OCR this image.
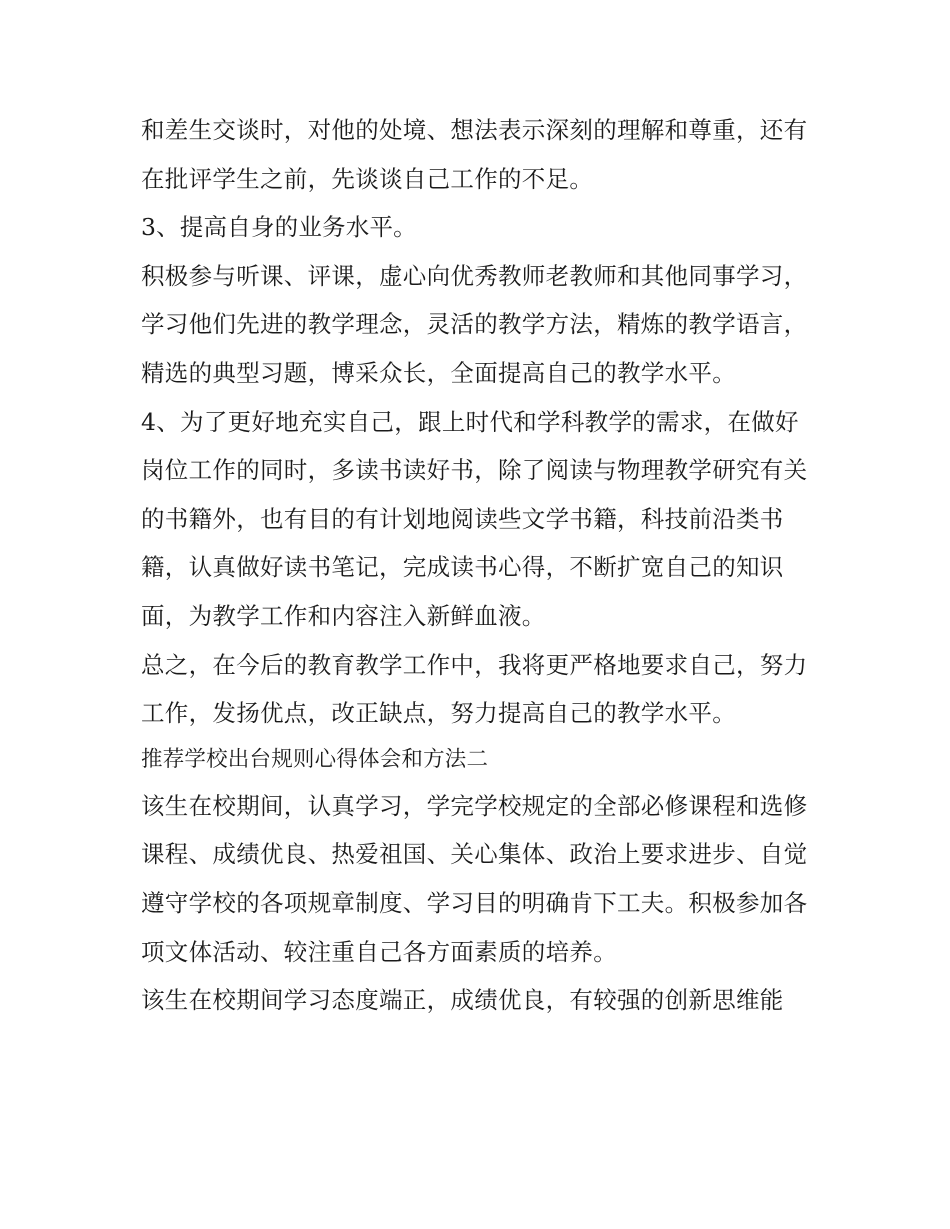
和差生交谈时，对他的处境、想法表示深刻的理解和尊重，还有在批评学生之前，先谈谈自己工作的不足。

3、提高自身的业务水平。

积极参与听课、评课，虚心向优秀教师老教师和其他同事学习，学习他们先进的教学理念，灵活的教学方法，精炼的教学语言，精选的典型习题，博采众长，全面提高自己的教学水平。

4、为了更好地充实自己，跟上时代和学科教学的需求，在做好岗位工作的同时，多读书读好书，除了阅读与物理教学研究有关的书籍外，也有目的有计划地阅读些文学书籍，科技前沿类书籍，认真做好读书笔记，完成读书心得，不断扩宽自己的知识面，为教学工作和内容注入新鲜血液。

总之，在今后的教育教学工作中，我将更严格地要求自己，努力工作，发扬优点，改正缺点，努力提高自己的教学水平。

推荐学校出台规则心得体会和方法二

该生在校期间，认真学习，学完学校规定的全部必修课程和选修课程、成绩优良、热爱祖国、关心集体、政治上要求进步、自觉遵守学校的各项规章制度、学习目的明确肯下工夫。积极参加各项文体活动、较注重自己各方面素质的培养。

该生在校期间学习态度端正，成绩优良，有较强的创新思维能
